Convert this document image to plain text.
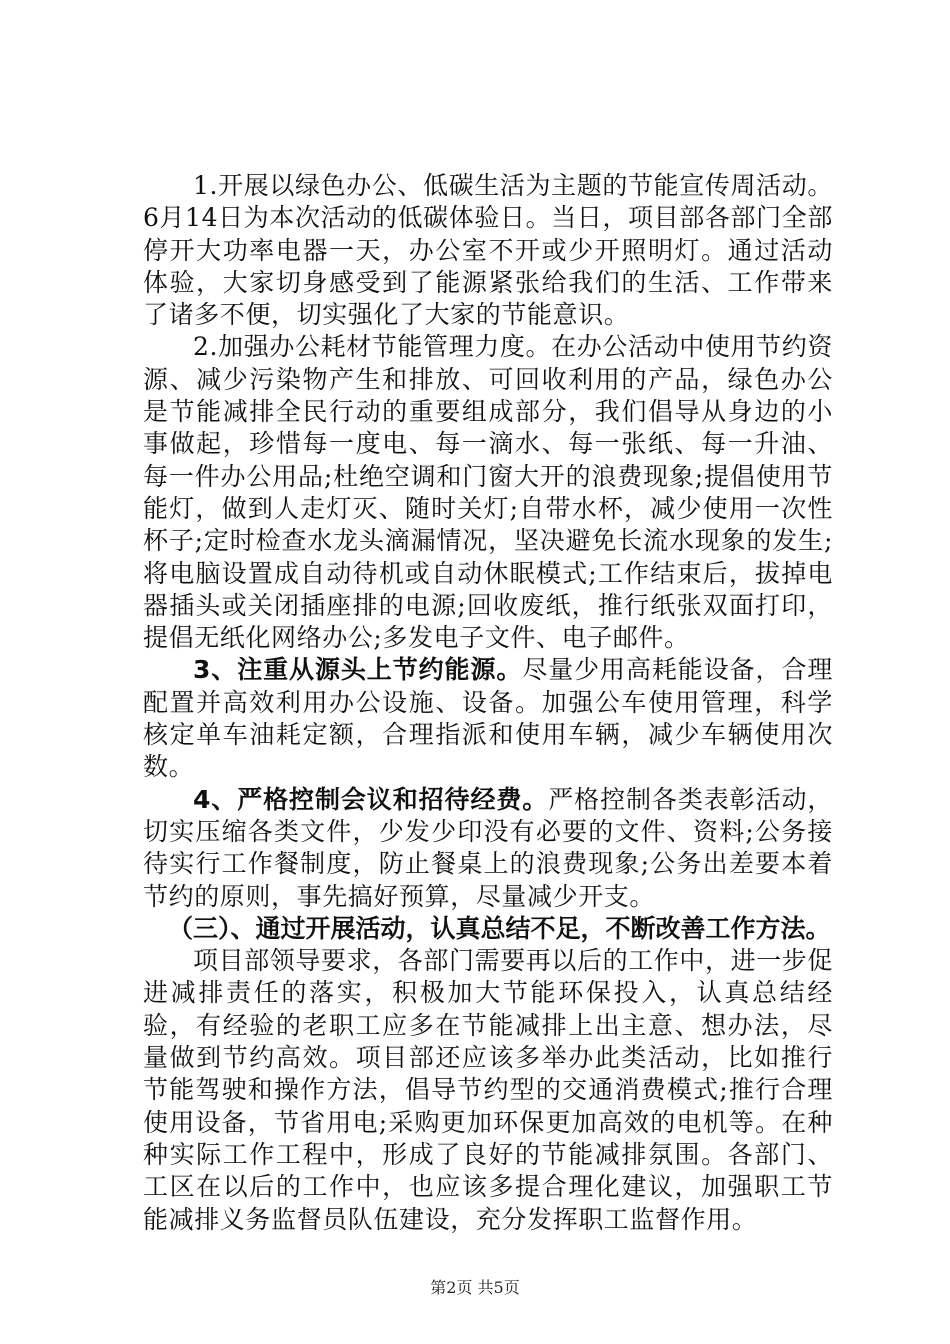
1.开展以绿色办公、低碳生活为主题的节能宣传周活动。6月14日为本次活动的低碳体验日。当日，项目部各部门全部停开大功率电器一天，办公室不开或少开照明灯。通过活动体验，大家切身感受到了能源紧张给我们的生活、工作带来了诸多不便，切实强化了大家的节能意识。

2.加强办公耗材节能管理力度。在办公活动中使用节约资源、减少污染物产生和排放、可回收利用的产品，绿色办公是节能减排全民行动的重要组成部分，我们倡导从身边的小事做起，珍惜每一度电、每一滴水、每一张纸、每一升油、每一件办公用品;杜绝空调和门窗大开的浪费现象;提倡使用节能灯，做到人走灯灭、随时关灯;自带水杯，减少使用一次性杯子;定时检查水龙头滴漏情况，坚决避免长流水现象的发生;将电脑设置成自动待机或自动休眠模式;工作结束后，拔掉电器插头或关闭插座排的电源;回收废纸，推行纸张双面打印，提倡无纸化网络办公;多发电子文件、电子邮件。

3、注重从源头上节约能源。尽量少用高耗能设备，合理配置并高效利用办公设施、设备。加强公车使用管理，科学核定单车油耗定额，合理指派和使用车辆，减少车辆使用次数。

4、严格控制会议和招待经费。严格控制各类表彰活动，切实压缩各类文件，少发少印没有必要的文件、资料;公务接待实行工作餐制度，防止餐桌上的浪费现象;公务出差要本着节约的原则，事先搞好预算，尽量减少开支。

（三）、通过开展活动，认真总结不足，不断改善工作方法。

项目部领导要求，各部门需要再以后的工作中，进一步促进减排责任的落实，积极加大节能环保投入，认真总结经验，有经验的老职工应多在节能减排上出主意、想办法，尽量做到节约高效。项目部还应该多举办此类活动，比如推行节能驾驶和操作方法，倡导节约型的交通消费模式;推行合理使用设备，节省用电;采购更加环保更加高效的电机等。在种种实际工作工程中，形成了良好的节能减排氛围。各部门、工区在以后的工作中，也应该多提合理化建议，加强职工节能减排义务监督员队伍建设，充分发挥职工监督作用。

第2页 共5页
